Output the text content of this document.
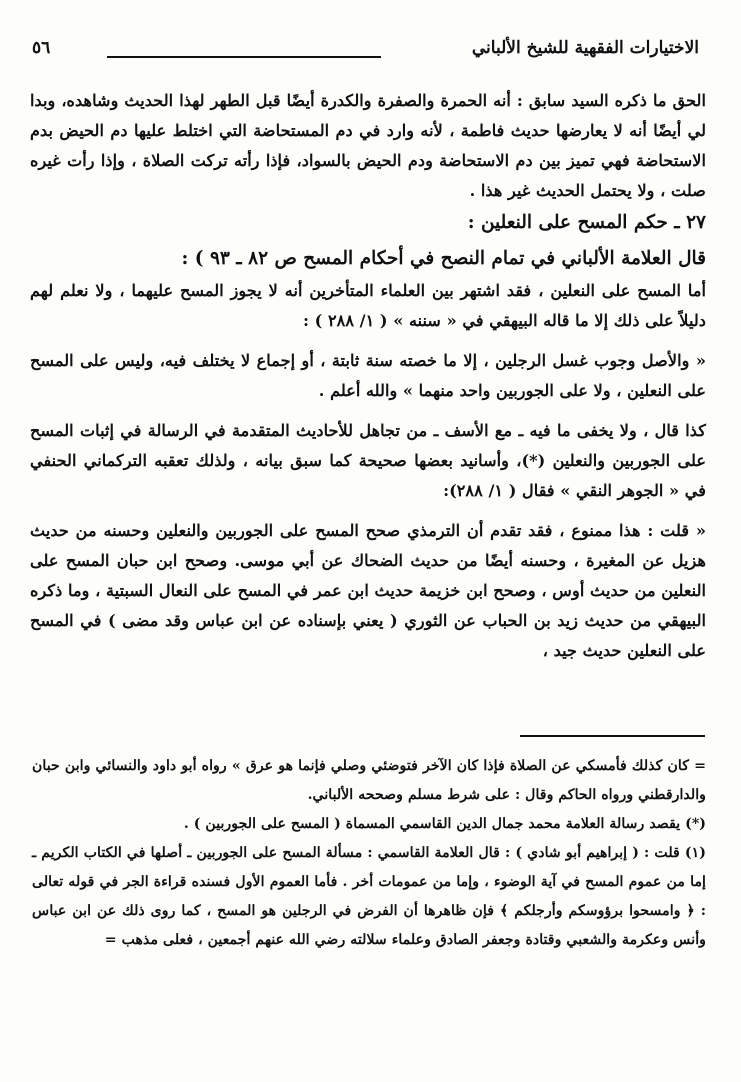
الاختيارات الفقهية للشيخ الألباني
٥٦

الحق ما ذكره السيد سابق : أنه الحمرة والصفرة والكدرة أيضًا قبل الطهر لهذا الحديث وشاهده، وبدا لي أيضًا أنه لا يعارضها حديث فاطمة ، لأنه وارد في دم المستحاضة التي اختلط عليها دم الحيض بدم الاستحاضة فهي تميز بين دم الاستحاضة ودم الحيض بالسواد، فإذا رأته تركت الصلاة ، وإذا رأت غيره صلت ، ولا يحتمل الحديث غير هذا .

٢٧ ـ حكم المسح على النعلين :

قال العلامة الألباني في تمام النصح في أحكام المسح ص ٨٢ ـ ٩٣ ) :

أما المسح على النعلين ، فقد اشتهر بين العلماء المتأخرين أنه لا يجوز المسح عليهما ، ولا نعلم لهم دليلاً على ذلك إلا ما قاله البيهقي في « سننه » ( ١/ ٢٨٨ ) :

« والأصل وجوب غسل الرجلين ، إلا ما خصته سنة ثابتة ، أو إجماع لا يختلف فيه، وليس على المسح على النعلين ، ولا على الجوربين واحد منهما » والله أعلم .

كذا قال ، ولا يخفى ما فيه ـ مع الأسف ـ من تجاهل للأحاديث المتقدمة في الرسالة في إثبات المسح على الجوربين والنعلين (*)، وأسانيد بعضها صحيحة كما سبق بيانه ، ولذلك تعقبه التركماني الحنفي في « الجوهر النقي » فقال ( ١/ ٢٨٨):

« قلت : هذا ممنوع ، فقد تقدم أن الترمذي صحح المسح على الجوربين والنعلين وحسنه من حديث هزيل عن المغيرة ، وحسنه أيضًا من حديث الضحاك عن أبي موسى. وصحح ابن حبان المسح على النعلين من حديث أوس ، وصحح ابن خزيمة حديث ابن عمر في المسح على النعال السبتية ، وما ذكره البيهقي من حديث زيد بن الحباب عن الثوري ( يعني بإسناده عن ابن عباس وقد مضى ) في المسح على النعلين حديث جيد ،

= كان كذلك فأمسكي عن الصلاة فإذا كان الآخر فتوضئي وصلي فإنما هو عرق » رواه أبو داود والنسائي وابن حبان والدارقطني ورواه الحاكم وقال : على شرط مسلم وصححه الألباني.

(*) يقصد رسالة العلامة محمد جمال الدين القاسمي المسماة ( المسح على الجوربين ) .

(١) قلت : ( إبراهيم أبو شادي ) : قال العلامة القاسمي : مسألة المسح على الجوربين ـ أصلها في الكتاب الكريم ـ إما من عموم المسح في آية الوضوء ، وإما من عمومات أخر . فأما العموم الأول فسنده قراءة الجر في قوله تعالى : ﴿ وامسحوا برؤوسكم وأرجلكم ﴾ فإن ظاهرها أن الفرض في الرجلين هو المسح ، كما روى ذلك عن ابن عباس وأنس وعكرمة والشعبي وقتادة وجعفر الصادق وعلماء سلالته رضي الله عنهم أجمعين ، فعلى مذهب =
